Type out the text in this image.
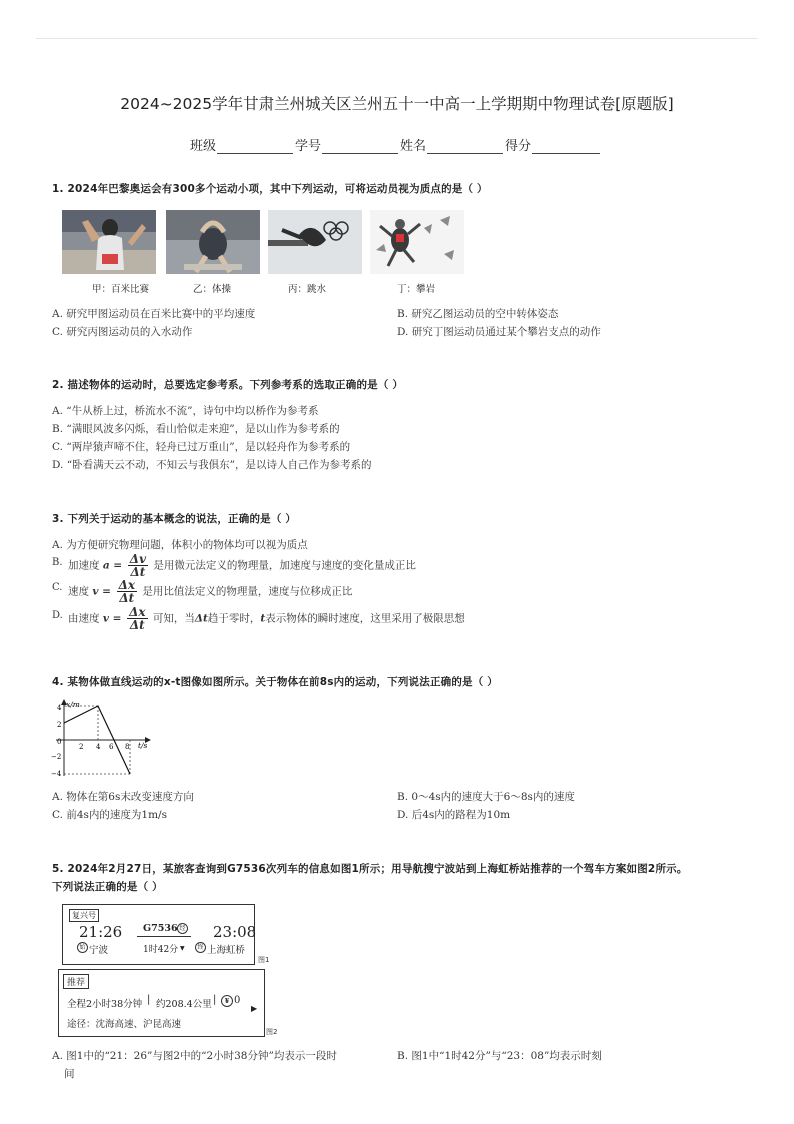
2024~2025学年甘肃兰州城关区兰州五十一中高一上学期期中物理试卷[原题版]
班级	学号	姓名	得分
1. 2024年巴黎奥运会有300多个运动小项，其中下列运动，可将运动员视为质点的是（ ）
甲：百米比赛	乙：体操	丙：跳水	丁：攀岩
A. 研究甲图运动员在百米比赛中的平均速度	B. 研究乙图运动员的空中转体姿态
C. 研究丙图运动员的入水动作	D. 研究丁图运动员通过某个攀岩支点的动作
2. 描述物体的运动时，总要选定参考系。下列参考系的选取正确的是（ ）
A. “牛从桥上过，桥流水不流”，诗句中均以桥作为参考系
B. “满眼风波多闪烁，看山恰似走来迎”，是以山作为参考系的
C. “两岸猿声啼不住，轻舟已过万重山”，是以轻舟作为参考系的
D. “卧看满天云不动，不知云与我俱东”，是以诗人自己作为参考系的
3. 下列关于运动的基本概念的说法，正确的是（ ）
A. 为方便研究物理问题，体积小的物体均可以视为质点
B. 加速度 $a = \frac{\Delta v}{\Delta t}$ 是用微元法定义的物理量，加速度与速度的变化量成正比
C. 速度 $v = \frac{\Delta x}{\Delta t}$ 是用比值法定义的物理量，速度与位移成正比
D. 由速度 $v = \frac{\Delta x}{\Delta t}$ 可知，当Δt趋于零时，t表示物体的瞬时速度，这里采用了极限思想
4. 某物体做直线运动的x-t图像如图所示。关于物体在前8s内的运动，下列说法正确的是（ ）
x/m
t/s
4
2
0
−2
−4
2 4 6 8
A. 物体在第6s末改变速度方向	B. 0～4s内的速度大于6～8s内的速度
C. 前4s内的速度为1m/s	D. 后4s内的路程为10m
5. 2024年2月27日，某旅客查询到G7536次列车的信息如图1所示；用导航搜宁波站到上海虹桥站推荐的一个驾车方案如图2所示。
下列说法正确的是（ ）
复兴号
21:26 G7536 经 23:08
始 宁波	1时42分 ▼	终 上海虹桥
图1
推荐
全程2小时38分钟 | 约208.4公里 |	¥ 0
▶
途径：沈海高速、沪昆高速
图2
A. 图1中的“21：26”与图2中的“2小时38分钟”均表示一段时
间
B. 图1中“1时42分”与“23：08”均表示时刻
